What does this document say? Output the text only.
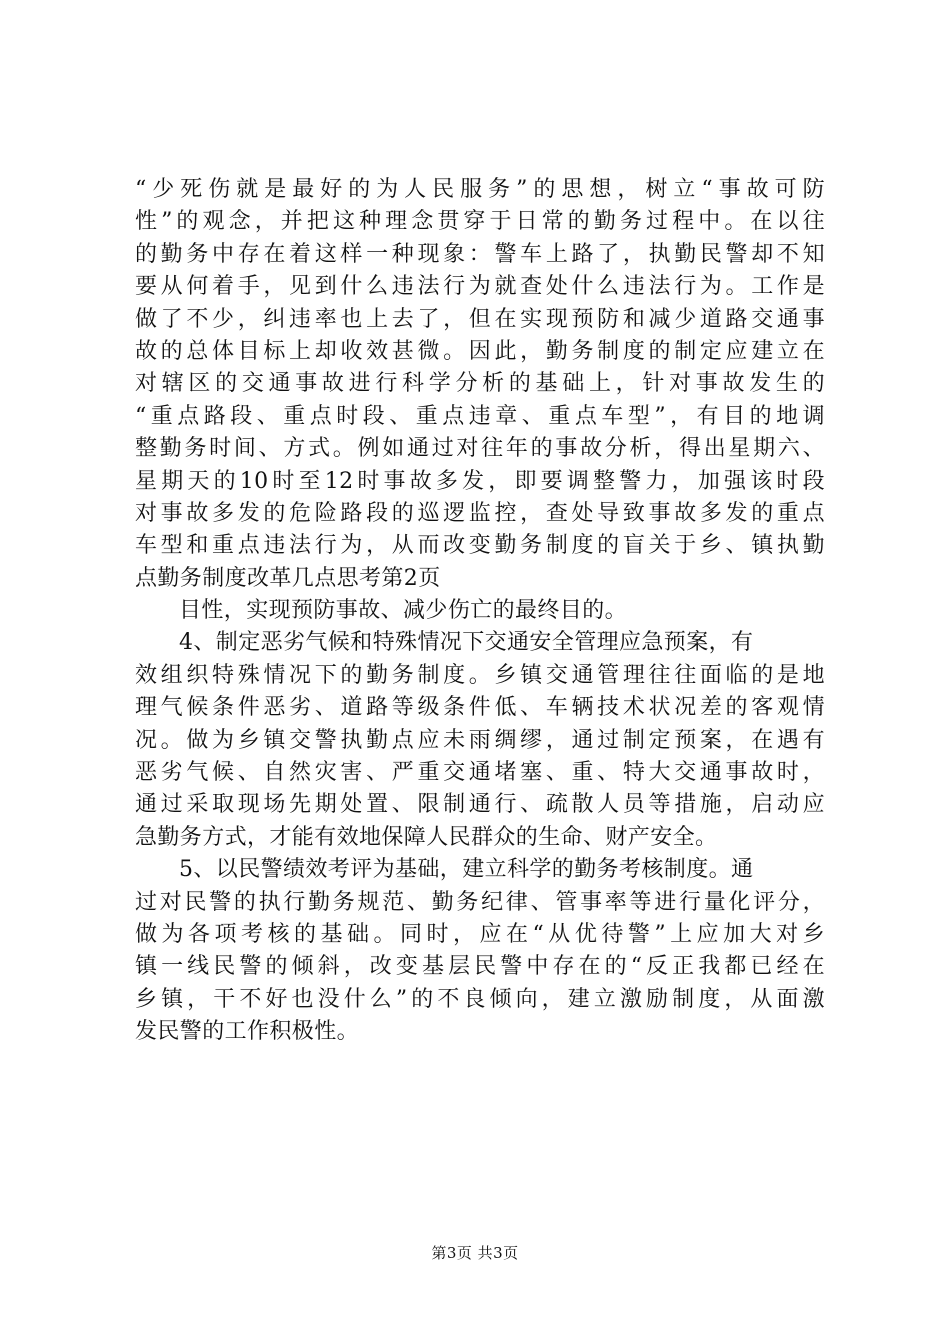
“少死伤就是最好的为人民服务”的思想，树立“事故可防
性”的观念，并把这种理念贯穿于日常的勤务过程中。在以往
的勤务中存在着这样一种现象：警车上路了，执勤民警却不知
要从何着手，见到什么违法行为就查处什么违法行为。工作是
做了不少，纠违率也上去了，但在实现预防和减少道路交通事
故的总体目标上却收效甚微。因此，勤务制度的制定应建立在
对辖区的交通事故进行科学分析的基础上，针对事故发生的
“重点路段、重点时段、重点违章、重点车型”，有目的地调
整勤务时间、方式。例如通过对往年的事故分析，得出星期六、
星期天的10时至12时事故多发，即要调整警力，加强该时段
对事故多发的危险路段的巡逻监控，查处导致事故多发的重点
车型和重点违法行为，从而改变勤务制度的盲关于乡、镇执勤
点勤务制度改革几点思考第2页
目性，实现预防事故、减少伤亡的最终目的。
4、制定恶劣气候和特殊情况下交通安全管理应急预案，有
效组织特殊情况下的勤务制度。乡镇交通管理往往面临的是地
理气候条件恶劣、道路等级条件低、车辆技术状况差的客观情
况。做为乡镇交警执勤点应未雨绸缪，通过制定预案，在遇有
恶劣气候、自然灾害、严重交通堵塞、重、特大交通事故时，
通过采取现场先期处置、限制通行、疏散人员等措施，启动应
急勤务方式，才能有效地保障人民群众的生命、财产安全。
5、以民警绩效考评为基础，建立科学的勤务考核制度。通
过对民警的执行勤务规范、勤务纪律、管事率等进行量化评分，
做为各项考核的基础。同时，应在“从优待警”上应加大对乡
镇一线民警的倾斜，改变基层民警中存在的“反正我都已经在
乡镇，干不好也没什么”的不良倾向，建立激励制度，从面激
发民警的工作积极性。
第3页 共3页
